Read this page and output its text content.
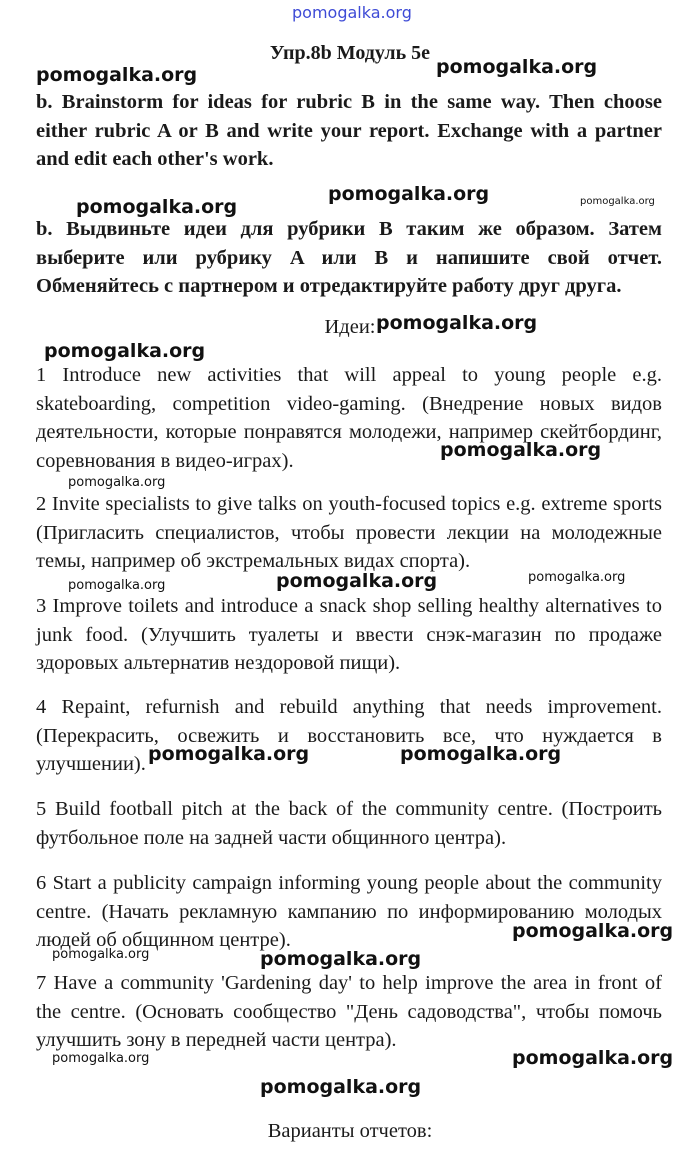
pomogalka.org
pomogalka.org	pomogalka.org
pomogalka.org	pomogalka.org
pomogalka.org
pomogalka.org
pomogalka.org
pomogalka.org
pomogalka.org
pomogalka.org	pomogalka.org	pomogalka.org
pomogalka.org	pomogalka.org
pomogalka.org
pomogalka.org	pomogalka.org
pomogalka.org	pomogalka.org
pomogalka.org
Упр.8b Модуль 5e
b. Brainstorm for ideas for rubric B in the same way. Then choose either rubric A or B and write your report. Exchange with a partner and edit each other's work.
b. Выдвиньте идеи для рубрики B таким же образом. Затем выберите или рубрику A или B и напишите свой отчет. Обменяйтесь с партнером и отредактируйте работу друг друга.
Идеи:
1 Introduce new activities that will appeal to young people e.g. skateboarding, competition video-gaming. (Внедрение новых видов деятельности, которые понравятся молодежи, например скейтбординг, соревнования в видео-играх).
2 Invite specialists to give talks on youth-focused topics e.g. extreme sports (Пригласить специалистов, чтобы провести лекции на молодежные темы, например об экстремальных видах спорта).
3 Improve toilets and introduce a snack shop selling healthy alternatives to junk food. (Улучшить туалеты и ввести снэк-магазин по продаже здоровых альтернатив нездоровой пищи).
4 Repaint, refurnish and rebuild anything that needs improvement. (Перекрасить, освежить и восстановить все, что нуждается в улучшении).
5 Build football pitch at the back of the community centre. (Построить футбольное поле на задней части общинного центра).
6 Start a publicity campaign informing young people about the community centre. (Начать рекламную кампанию по информированию молодых людей об общинном центре).
7 Have a community 'Gardening day' to help improve the area in front of the centre. (Основать сообщество "День садоводства", чтобы помочь улучшить зону в передней части центра).
Варианты отчетов:
